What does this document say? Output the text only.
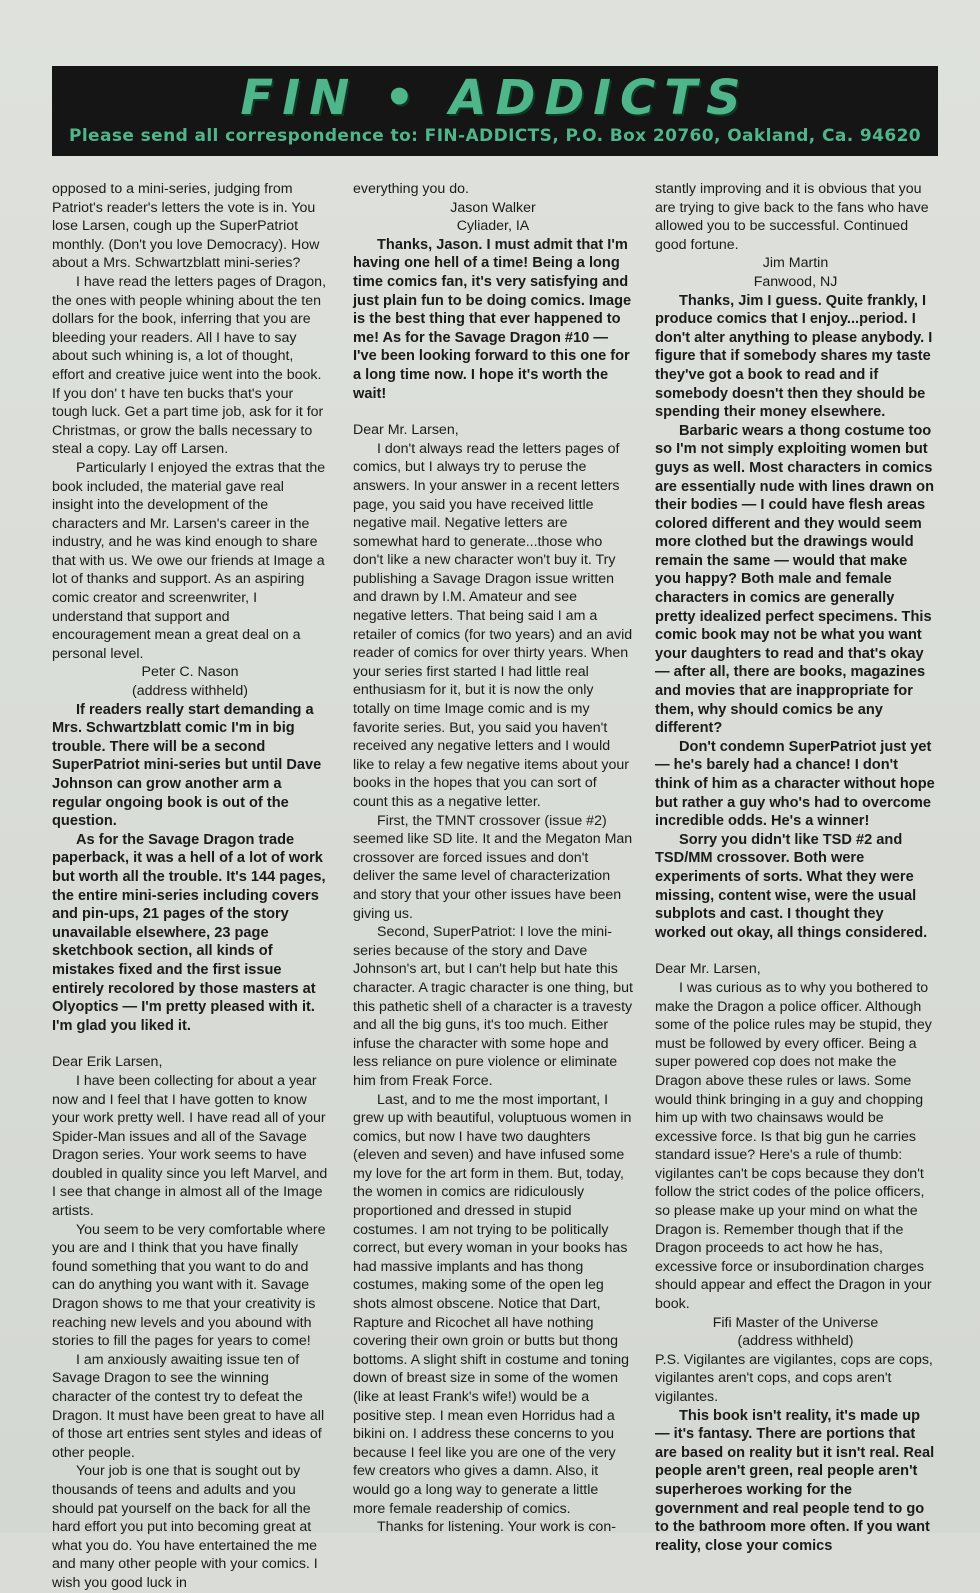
FIN • ADDICTS
Please send all correspondence to: FIN-ADDICTS, P.O. Box 20760, Oakland, Ca. 94620

opposed to a mini-series, judging from Patriot's reader's letters the vote is in. You lose Larsen, cough up the SuperPatriot monthly. (Don't you love Democracy). How about a Mrs. Schwartzblatt mini-series?

I have read the letters pages of Dragon, the ones with people whining about the ten dollars for the book, inferring that you are bleeding your readers. All I have to say about such whining is, a lot of thought, effort and creative juice went into the book. If you don' t have ten bucks that's your tough luck. Get a part time job, ask for it for Christmas, or grow the balls necessary to steal a copy. Lay off Larsen.

Particularly I enjoyed the extras that the book included, the material gave real insight into the development of the characters and Mr. Larsen's career in the industry, and he was kind enough to share that with us. We owe our friends at Image a lot of thanks and support. As an aspiring comic creator and screenwriter, I understand that support and encouragement mean a great deal on a personal level.

Peter C. Nason

(address withheld)

If readers really start demanding a Mrs. Schwartzblatt comic I'm in big trouble. There will be a second SuperPatriot mini-series but until Dave Johnson can grow another arm a regular ongoing book is out of the question.

As for the Savage Dragon trade paperback, it was a hell of a lot of work but worth all the trouble. It's 144 pages, the entire mini-series including covers and pin-ups, 21 pages of the story unavailable elsewhere, 23 page sketchbook section, all kinds of mistakes fixed and the first issue entirely recolored by those masters at Olyoptics — I'm pretty pleased with it. I'm glad you liked it.

Dear Erik Larsen,

I have been collecting for about a year now and I feel that I have gotten to know your work pretty well. I have read all of your Spider-Man issues and all of the Savage Dragon series. Your work seems to have doubled in quality since you left Marvel, and I see that change in almost all of the Image artists.

You seem to be very comfortable where you are and I think that you have finally found something that you want to do and can do anything you want with it. Savage Dragon shows to me that your creativity is reaching new levels and you abound with stories to fill the pages for years to come!

I am anxiously awaiting issue ten of Savage Dragon to see the winning character of the contest try to defeat the Dragon. It must have been great to have all of those art entries sent styles and ideas of other people.

Your job is one that is sought out by thousands of teens and adults and you should pat yourself on the back for all the hard effort you put into becoming great at what you do. You have entertained the me and many other people with your comics. I wish you good luck in

everything you do.

Jason Walker

Cyliader, IA

Thanks, Jason. I must admit that I'm having one hell of a time! Being a long time comics fan, it's very satisfying and just plain fun to be doing comics. Image is the best thing that ever happened to me! As for the Savage Dragon #10 — I've been looking forward to this one for a long time now. I hope it's worth the wait!

Dear Mr. Larsen,

I don't always read the letters pages of comics, but I always try to peruse the answers. In your answer in a recent letters page, you said you have received little negative mail. Negative letters are somewhat hard to generate...those who don't like a new character won't buy it. Try publishing a Savage Dragon issue written and drawn by I.M. Amateur and see negative letters. That being said I am a retailer of comics (for two years) and an avid reader of comics for over thirty years. When your series first started I had little real enthusiasm for it, but it is now the only totally on time Image comic and is my favorite series. But, you said you haven't received any negative letters and I would like to relay a few negative items about your books in the hopes that you can sort of count this as a negative letter.

First, the TMNT crossover (issue #2) seemed like SD lite. It and the Megaton Man crossover are forced issues and don't deliver the same level of characterization and story that your other issues have been giving us.

Second, SuperPatriot: I love the mini-series because of the story and Dave Johnson's art, but I can't help but hate this character. A tragic character is one thing, but this pathetic shell of a character is a travesty and all the big guns, it's too much. Either infuse the character with some hope and less reliance on pure violence or eliminate him from Freak Force.

Last, and to me the most important, I grew up with beautiful, voluptuous women in comics, but now I have two daughters (eleven and seven) and have infused some my love for the art form in them. But, today, the women in comics are ridiculously proportioned and dressed in stupid costumes. I am not trying to be politically correct, but every woman in your books has had massive implants and has thong costumes, making some of the open leg shots almost obscene. Notice that Dart, Rapture and Ricochet all have nothing covering their own groin or butts but thong bottoms. A slight shift in costume and toning down of breast size in some of the women (like at least Frank's wife!) would be a positive step. I mean even Horridus had a bikini on. I address these concerns to you because I feel like you are one of the very few creators who gives a damn. Also, it would go a long way to generate a little more female readership of comics.

Thanks for listening. Your work is con-

stantly improving and it is obvious that you are trying to give back to the fans who have allowed you to be successful. Continued good fortune.

Jim Martin

Fanwood, NJ

Thanks, Jim I guess. Quite frankly, I produce comics that I enjoy...period. I don't alter anything to please anybody. I figure that if somebody shares my taste they've got a book to read and if somebody doesn't then they should be spending their money elsewhere.

Barbaric wears a thong costume too so I'm not simply exploiting women but guys as well. Most characters in comics are essentially nude with lines drawn on their bodies — I could have flesh areas colored different and they would seem more clothed but the drawings would remain the same — would that make you happy? Both male and female characters in comics are generally pretty idealized perfect specimens. This comic book may not be what you want your daughters to read and that's okay — after all, there are books, magazines and movies that are inappropriate for them, why should comics be any different?

Don't condemn SuperPatriot just yet — he's barely had a chance! I don't think of him as a character without hope but rather a guy who's had to overcome incredible odds. He's a winner!

Sorry you didn't like TSD #2 and TSD/MM crossover. Both were experiments of sorts. What they were missing, content wise, were the usual subplots and cast. I thought they worked out okay, all things considered.

Dear Mr. Larsen,

I was curious as to why you bothered to make the Dragon a police officer. Although some of the police rules may be stupid, they must be followed by every officer. Being a super powered cop does not make the Dragon above these rules or laws. Some would think bringing in a guy and chopping him up with two chainsaws would be excessive force. Is that big gun he carries standard issue? Here's a rule of thumb: vigilantes can't be cops because they don't follow the strict codes of the police officers, so please make up your mind on what the Dragon is. Remember though that if the Dragon proceeds to act how he has, excessive force or insubordination charges should appear and effect the Dragon in your book.

Fifi Master of the Universe

(address withheld)

P.S. Vigilantes are vigilantes, cops are cops, vigilantes aren't cops, and cops aren't vigilantes.

This book isn't reality, it's made up — it's fantasy. There are portions that are based on reality but it isn't real. Real people aren't green, real people aren't superheroes working for the government and real people tend to go to the bathroom more often. If you want reality, close your comics
